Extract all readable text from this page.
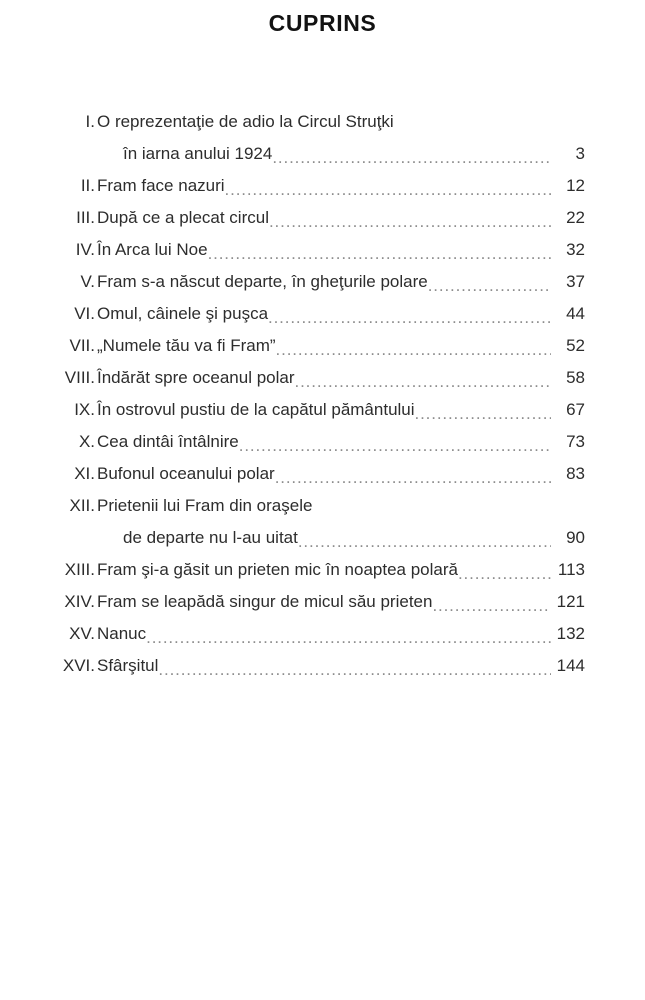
CUPRINS
I. O reprezentaţie de adio la Circul Struţki
în iarna anului 1924 .....	3
II. Fram face nazuri .....	12
III. După ce a plecat circul .....	22
IV. În Arca lui Noe .....	32
V. Fram s-a născut departe, în gheţurile polare .....	37
VI. Omul, câinele şi puşca .....	44
VII. „Numele tău va fi Fram” .....	52
VIII. Îndărăt spre oceanul polar .....	58
IX. În ostrovul pustiu de la capătul pământului .....	67
X. Cea dintâi întâlnire .....	73
XI. Bufonul oceanului polar .....	83
XII. Prietenii lui Fram din oraşele
de departe nu l-au uitat .....	90
XIII. Fram şi-a găsit un prieten mic în noaptea polară .....	113
XIV. Fram se leapădă singur de micul său prieten .....	121
XV. Nanuc .....	132
XVI. Sfârşitul .....	144
